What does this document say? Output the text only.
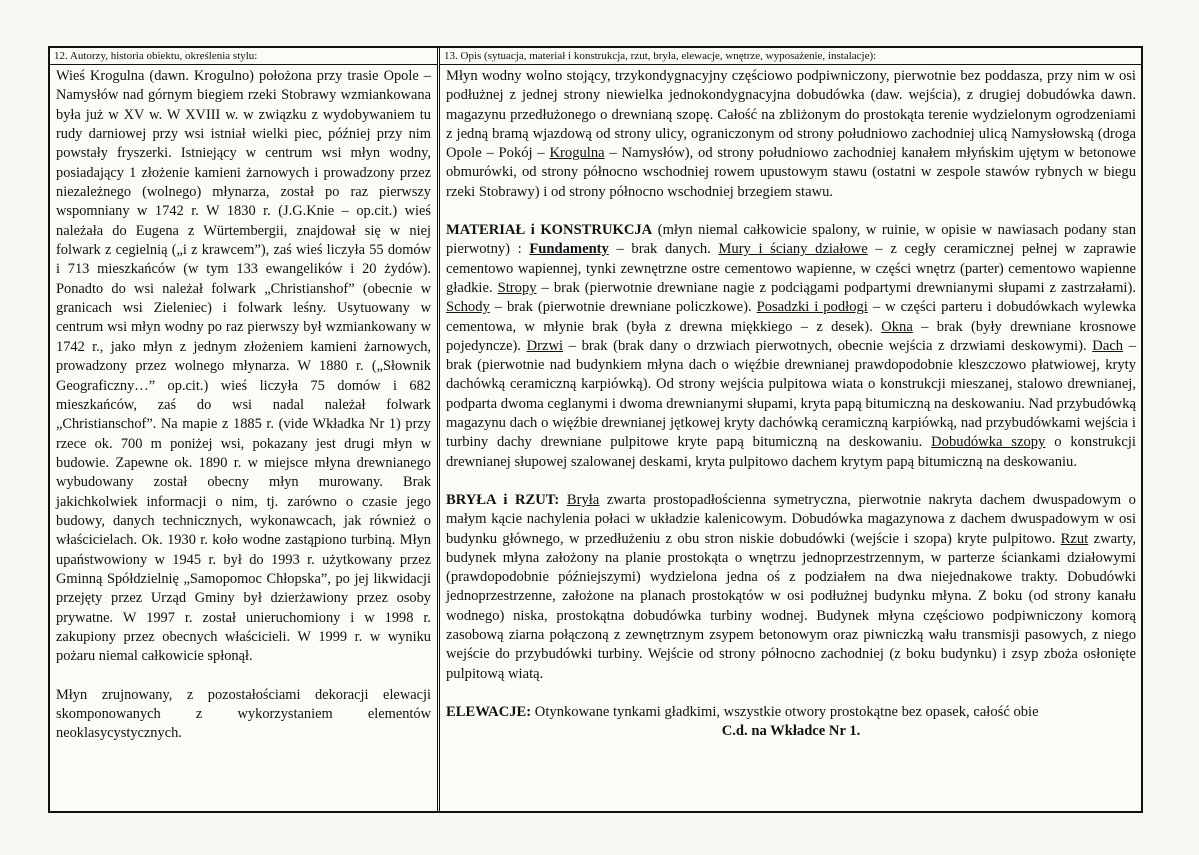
12. Autorzy, historia obiektu, określenia stylu:

Wieś Krogulna (dawn. Krogulno) położona przy trasie Opole – Namysłów nad górnym biegiem rzeki Stobrawy wzmiankowana była już w XV w. W XVIII w. w związku z wydobywaniem tu rudy darniowej przy wsi istniał wielki piec, później przy nim powstały fryszerki. Istniejący w centrum wsi młyn wodny, posiadający 1 złożenie kamieni żarnowych i prowadzony przez niezależnego (wolnego) młynarza, został po raz pierwszy wspomniany w 1742 r. W 1830 r. (J.G.Knie – op.cit.) wieś należała do Eugena z Würtembergii, znajdował się w niej folwark z cegielnią („i z krawcem”), zaś wieś liczyła 55 domów i 713 mieszkańców (w tym 133 ewangelików i 20 żydów). Ponadto do wsi należał folwark „Christianshof” (obecnie w granicach wsi Zieleniec) i folwark leśny. Usytuowany w centrum wsi młyn wodny po raz pierwszy był wzmiankowany w 1742 r., jako młyn z jednym złożeniem kamieni żarnowych, prowadzony przez wolnego młynarza. W 1880 r. („Słownik Geograficzny…” op.cit.) wieś liczyła 75 domów i 682 mieszkańców, zaś do wsi nadal należał folwark „Christianschof”. Na mapie z 1885 r. (vide Wkładka Nr 1) przy rzece ok. 700 m poniżej wsi, pokazany jest drugi młyn w budowie. Zapewne ok. 1890 r. w miejsce młyna drewnianego wybudowany został obecny młyn murowany. Brak jakichkolwiek informacji o nim, tj. zarówno o czasie jego budowy, danych technicznych, wykonawcach, jak również o właścicielach. Ok. 1930 r. koło wodne zastąpiono turbiną. Młyn upaństwowiony w 1945 r. był do 1993 r. użytkowany przez Gminną Spółdzielnię „Samopomoc Chłopska”, po jej likwidacji przejęty przez Urząd Gminy był dzierżawiony przez osoby prywatne. W 1997 r. został unieruchomiony i w 1998 r. zakupiony przez obecnych właścicieli. W 1999 r. w wyniku pożaru niemal całkowicie spłonął.

Młyn zrujnowany, z pozostałościami dekoracji elewacji skomponowanych z wykorzystaniem elementów neoklasycystycznych.

13. Opis (sytuacja, materiał i konstrukcja, rzut, bryła, elewacje, wnętrze, wyposażenie, instalacje):

Młyn wodny wolno stojący, trzykondygnacyjny częściowo podpiwniczony, pierwotnie bez poddasza, przy nim w osi podłużnej z jednej strony niewielka jednokondygnacyjna dobudówka (daw. wejścia), z drugiej dobudówka dawn. magazynu przedłużonego o drewnianą szopę. Całość na zbliżonym do prostokąta terenie wydzielonym ogrodzeniami z jedną bramą wjazdową od strony ulicy, ograniczonym od strony południowo zachodniej ulicą Namysłowską (droga Opole – Pokój – Krogulna – Namysłów), od strony południowo zachodniej kanałem młyńskim ujętym w betonowe obmurówki, od strony północno wschodniej rowem upustowym stawu (ostatni w zespole stawów rybnych w biegu rzeki Stobrawy) i od strony północno wschodniej brzegiem stawu.

MATERIAŁ i KONSTRUKCJA (młyn niemal całkowicie spalony, w ruinie, w opisie w nawiasach podany stan pierwotny) : Fundamenty – brak danych. Mury i ściany działowe – z cegły ceramicznej pełnej w zaprawie cementowo wapiennej, tynki zewnętrzne ostre cementowo wapienne, w części wnętrz (parter) cementowo wapienne gładkie. Stropy – brak (pierwotnie drewniane nagie z podciągami podpartymi drewnianymi słupami z zastrzałami). Schody – brak (pierwotnie drewniane policzkowe). Posadzki i podłogi – w części parteru i dobudówkach wylewka cementowa, w młynie brak (była z drewna miękkiego – z desek). Okna – brak (były drewniane krosnowe pojedyncze). Drzwi – brak (brak dany o drzwiach pierwotnych, obecnie wejścia z drzwiami deskowymi). Dach – brak (pierwotnie nad budynkiem młyna dach o więźbie drewnianej prawdopodobnie kleszczowo płatwiowej, kryty dachówką ceramiczną karpiówką). Od strony wejścia pulpitowa wiata o konstrukcji mieszanej, stalowo drewnianej, podparta dwoma ceglanymi i dwoma drewnianymi słupami, kryta papą bitumiczną na deskowaniu. Nad przybudówką magazynu dach o więźbie drewnianej jętkowej kryty dachówką ceramiczną karpiówką, nad przybudówkami wejścia i turbiny dachy drewniane pulpitowe kryte papą bitumiczną na deskowaniu. Dobudówka szopy o konstrukcji drewnianej słupowej szalowanej deskami, kryta pulpitowo dachem krytym papą bitumiczną na deskowaniu.

BRYŁA i RZUT: Bryła zwarta prostopadłościenna symetryczna, pierwotnie nakryta dachem dwuspadowym o małym kącie nachylenia połaci w układzie kalenicowym. Dobudówka magazynowa z dachem dwuspadowym w osi budynku głównego, w przedłużeniu z obu stron niskie dobudówki (wejście i szopa) kryte pulpitowo. Rzut zwarty, budynek młyna założony na planie prostokąta o wnętrzu jednoprzestrzennym, w parterze ściankami działowymi (prawdopodobnie późniejszymi) wydzielona jedna oś z podziałem na dwa niejednakowe trakty. Dobudówki jednoprzestrzenne, założone na planach prostokątów w osi podłużnej budynku młyna. Z boku (od strony kanału wodnego) niska, prostokątna dobudówka turbiny wodnej. Budynek młyna częściowo podpiwniczony komorą zasobową ziarna połączoną z zewnętrznym zsypem betonowym oraz piwniczką wału transmisji pasowych, z niego wejście do przybudówki turbiny. Wejście od strony północno zachodniej (z boku budynku) i zsyp zboża osłonięte pulpitową wiatą.

ELEWACJE: Otynkowane tynkami gładkimi, wszystkie otwory prostokątne bez opasek, całość obie

C.d. na Wkładce Nr 1.
